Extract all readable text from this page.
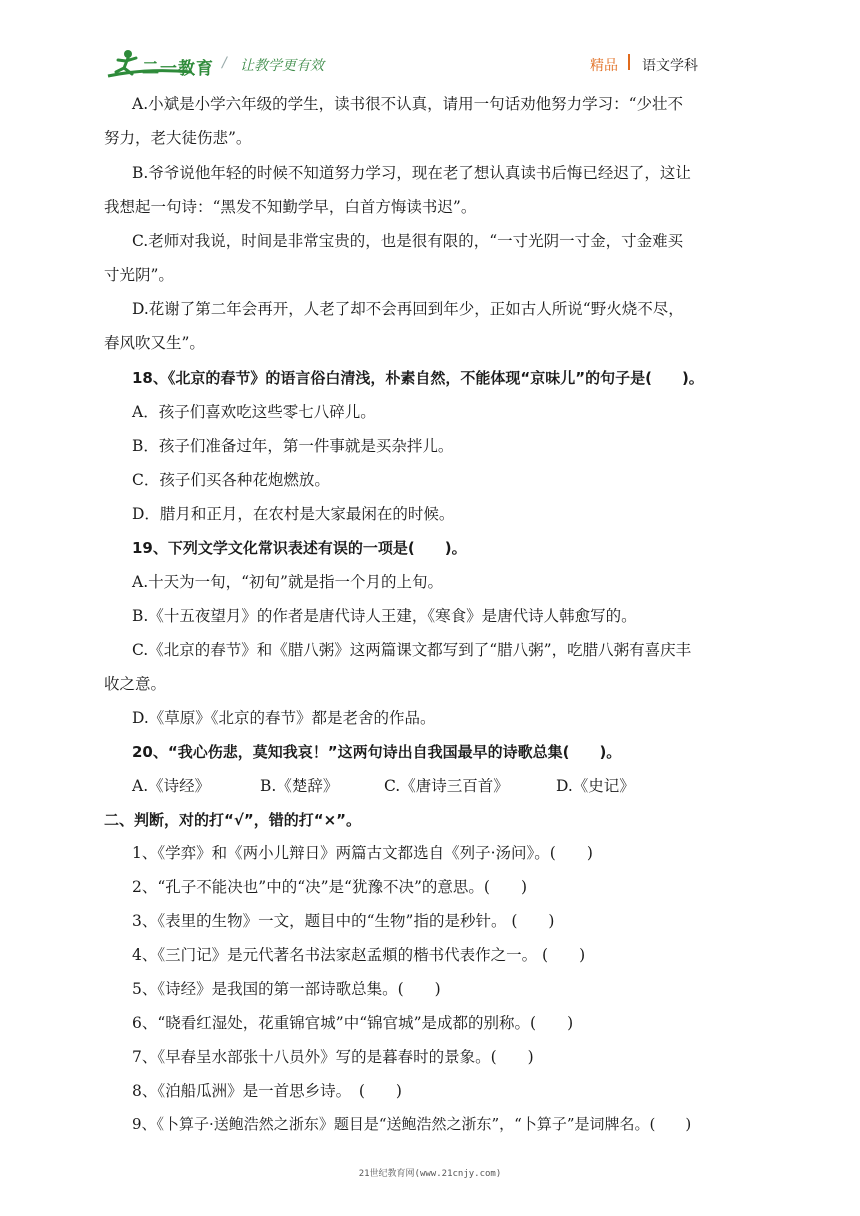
二一教育 / 让教学更有效	精品 语文学科
A.小斌是小学六年级的学生，读书很不认真，请用一句话劝他努力学习：“少壮不
努力，老大徒伤悲”。
B.爷爷说他年轻的时候不知道努力学习，现在老了想认真读书后悔已经迟了，这让
我想起一句诗：“黑发不知勤学早，白首方悔读书迟”。
C.老师对我说，时间是非常宝贵的，也是很有限的，“一寸光阴一寸金，寸金难买
寸光阴”。
D.花谢了第二年会再开，人老了却不会再回到年少，正如古人所说“野火烧不尽，
春风吹又生”。
18、《北京的春节》的语言俗白清浅，朴素自然，不能体现“京味儿”的句子是(　　)。
A．孩子们喜欢吃这些零七八碎儿。
B．孩子们准备过年，第一件事就是买杂拌儿。
C．孩子们买各种花炮燃放。
D．腊月和正月，在农村是大家最闲在的时候。
19、下列文学文化常识表述有误的一项是(　　)。
A.十天为一旬，“初旬”就是指一个月的上旬。
B.《十五夜望月》的作者是唐代诗人王建，《寒食》是唐代诗人韩愈写的。
C.《北京的春节》和《腊八粥》这两篇课文都写到了“腊八粥”，吃腊八粥有喜庆丰
收之意。
D.《草原》《北京的春节》都是老舍的作品。
20、“我心伤悲，莫知我哀！”这两句诗出自我国最早的诗歌总集(　　)。
A.《诗经》	B.《楚辞》	C.《唐诗三百首》	D.《史记》
二、判断，对的打“√”，错的打“×”。
1、《学弈》和《两小儿辩日》两篇古文都选自《列子·汤问》。(　　)
2、“孔子不能决也”中的“决”是“犹豫不决”的意思。(　　)
3、《表里的生物》一文，题目中的“生物”指的是秒针。 (　　)
4、《三门记》是元代著名书法家赵孟頫的楷书代表作之一。 (　　)
5、《诗经》是我国的第一部诗歌总集。(　　)
6、“晓看红湿处，花重锦官城”中“锦官城”是成都的别称。(　　)
7、《早春呈水部张十八员外》写的是暮春时的景象。(　　)
8、《泊船瓜洲》是一首思乡诗。　(　　)
9、《卜算子·送鲍浩然之浙东》题目是“送鲍浩然之浙东”，“卜算子”是词牌名。(　　)
21世纪教育网(www.21cnjy.com)
